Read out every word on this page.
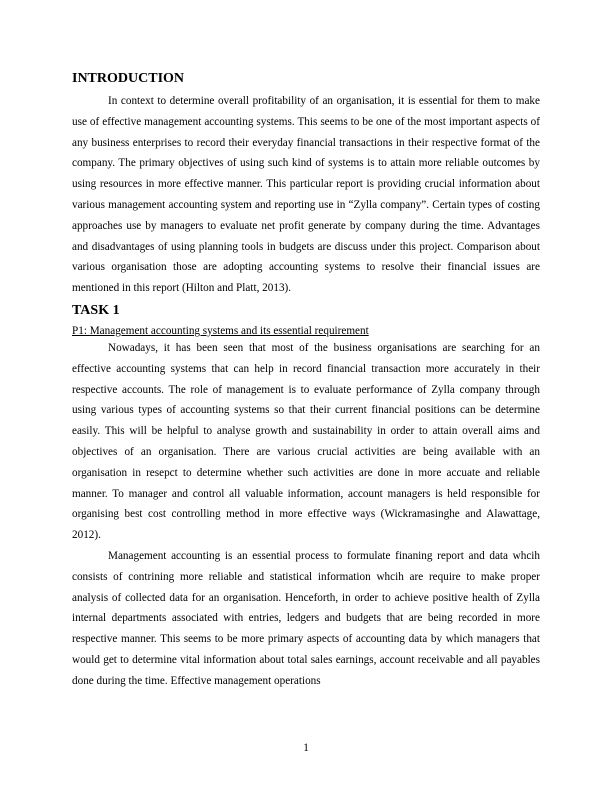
INTRODUCTION

In context to determine overall profitability of an organisation, it is essential for them to make use of effective management accounting systems. This seems to be one of the most important aspects of any business enterprises to record their everyday financial transactions in their respective format of the company. The primary objectives of using such kind of systems is to attain more reliable outcomes by using resources in more effective manner. This particular report is providing crucial information about various management accounting system and reporting use in “Zylla company”. Certain types of costing approaches use by managers to evaluate net profit generate by company during the time. Advantages and disadvantages of using planning tools in budgets are discuss under this project. Comparison about various organisation those are adopting accounting systems to resolve their financial issues are mentioned in this report (Hilton and Platt, 2013).

TASK 1
P1: Management accounting systems and its essential requirement

Nowadays, it has been seen that most of the business organisations are searching for an effective accounting systems that can help in record financial transaction more accurately in their respective accounts. The role of management is to evaluate performance of Zylla company through using various types of accounting systems so that their current financial positions can be determine easily. This will be helpful to analyse growth and sustainability in order to attain overall aims and objectives of an organisation. There are various crucial activities are being available with an organisation in resepct to determine whether such activities are done in more accuate and reliable manner. To manager and control all valuable information, account managers is held responsible for organising best cost controlling method in more effective ways (Wickramasinghe and Alawattage, 2012).

Management accounting is an essential process to formulate finaning report and data whcih consists of contrining more reliable and statistical information whcih are require to make proper analysis of collected data for an organisation. Henceforth, in order to achieve positive health of Zylla internal departments associated with entries, ledgers and budgets that are being recorded in more respective manner. This seems to be more primary aspects of accounting data by which managers that would get to determine vital information about total sales earnings, account receivable and all payables done during the time. Effective management operations

1
